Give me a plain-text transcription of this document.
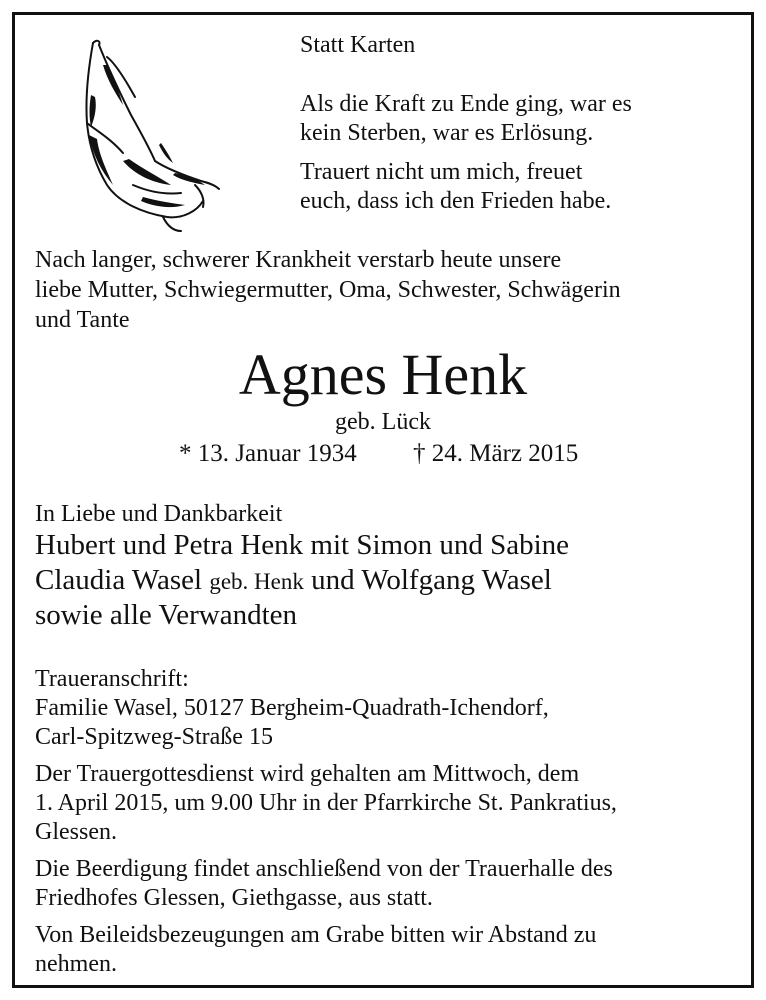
Statt Karten

Als die Kraft zu Ende ging, war es

kein Sterben, war es Erlösung.

Trauert nicht um mich, freuet

euch, dass ich den Frieden habe.

Nach langer, schwerer Krankheit verstarb heute unsere

liebe Mutter, Schwiegermutter, Oma, Schwester, Schwägerin

und Tante

Agnes Henk

geb. Lück

* 13. Januar 1934 † 24. März 2015

In Liebe und Dankbarkeit

Hubert und Petra Henk mit Simon und Sabine

Claudia Wasel geb. Henk und Wolfgang Wasel

sowie alle Verwandten

Traueranschrift:

Familie Wasel, 50127 Bergheim-Quadrath-Ichendorf,

Carl-Spitzweg-Straße 15

Der Trauergottesdienst wird gehalten am Mittwoch, dem

1. April 2015, um 9.00 Uhr in der Pfarrkirche St. Pankratius,

Glessen.

Die Beerdigung findet anschließend von der Trauerhalle des

Friedhofes Glessen, Giethgasse, aus statt.

Von Beileidsbezeugungen am Grabe bitten wir Abstand zu

nehmen.
